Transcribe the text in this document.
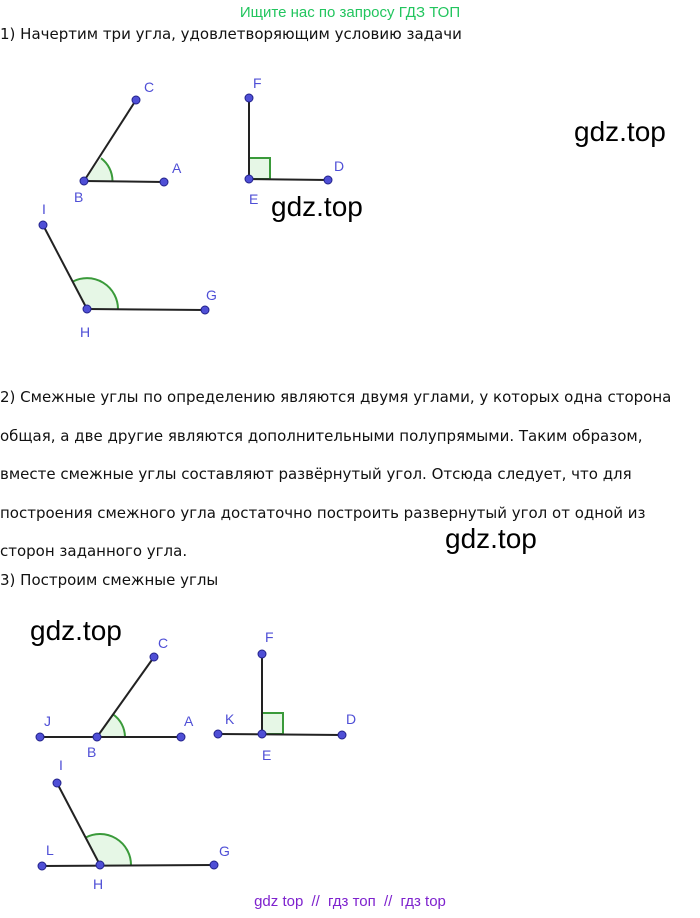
Ищите нас по запросу ГДЗ ТОП
1) Начертим три угла, удовлетворяющим условию задачи
C
A
B
F
E
D
I
H
G
gdz.top
gdz.top
2) Смежные углы по определению являются двумя углами, у которых одна сторона
общая, а две другие являются дополнительными полупрямыми. Таким образом,
вместе смежные углы составляют развёрнутый угол. Отсюда следует, что для
построения смежного угла достаточно построить развернутый угол от одной из
сторон заданного угла.	gdz.top
3) Построим смежные углы
gdz.top	C
J
B
A
F
K
E
D
I
L
H
G
gdz top // гдз топ // гдз top
